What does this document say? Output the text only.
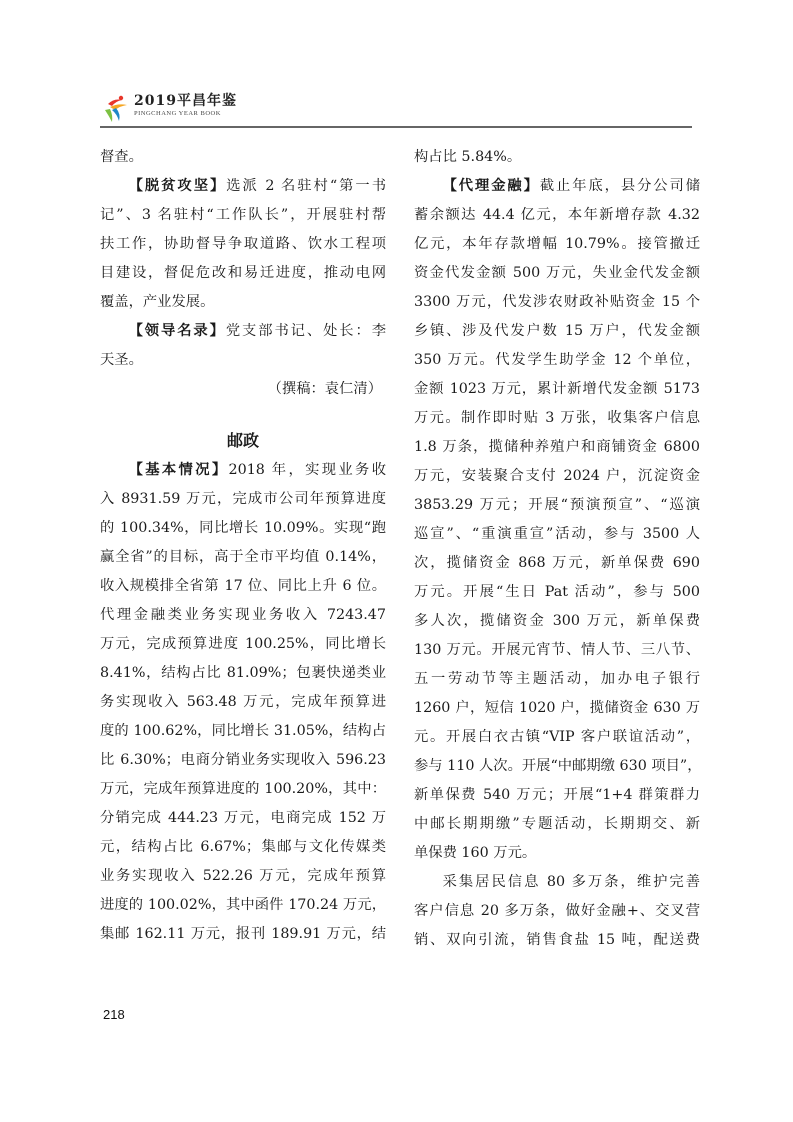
2019平昌年鉴
PINGCHANG YEAR BOOK
督查。
【脱贫攻坚】选派 2 名驻村“第一书
记”、3 名驻村“工作队长”，开展驻村帮
扶工作，协助督导争取道路、饮水工程项
目建设，督促危改和易迁进度，推动电网
覆盖，产业发展。
【领导名录】党支部书记、处长：李
天圣。
（撰稿：袁仁清）
邮政
【基本情况】2018 年，实现业务收
入 8931.59 万元，完成市公司年预算进度
的 100.34%，同比增长 10.09%。实现“跑
赢全省”的目标，高于全市平均值 0.14%，
收入规模排全省第 17 位、同比上升 6 位。
代理金融类业务实现业务收入 7243.47
万元，完成预算进度 100.25%，同比增长
8.41%，结构占比 81.09%；包裹快递类业
务实现收入 563.48 万元，完成年预算进
度的 100.62%，同比增长 31.05%，结构占
比 6.30%；电商分销业务实现收入 596.23
万元，完成年预算进度的 100.20%，其中：
分销完成 444.23 万元，电商完成 152 万
元，结构占比 6.67%；集邮与文化传媒类
业务实现收入 522.26 万元，完成年预算
进度的 100.02%，其中函件 170.24 万元，
集邮 162.11 万元，报刊 189.91 万元，结
构占比 5.84%。
【代理金融】截止年底，县分公司储
蓄余额达 44.4 亿元，本年新增存款 4.32
亿元，本年存款增幅 10.79%。接管撤迁
资金代发金额 500 万元，失业金代发金额
3300 万元，代发涉农财政补贴资金 15 个
乡镇、涉及代发户数 15 万户，代发金额
350 万元。代发学生助学金 12 个单位，
金额 1023 万元，累计新增代发金额 5173
万元。制作即时贴 3 万张，收集客户信息
1.8 万条，揽储种养殖户和商铺资金 6800
万元，安装聚合支付 2024 户，沉淀资金
3853.29 万元；开展“预演预宣”、“巡演
巡宣”、“重演重宣”活动，参与 3500 人
次，揽储资金 868 万元，新单保费 690
万元。开展“生日 Pat 活动”，参与 500
多人次，揽储资金 300 万元，新单保费
130 万元。开展元宵节、情人节、三八节、
五一劳动节等主题活动，加办电子银行
1260 户，短信 1020 户，揽储资金 630 万
元。开展白衣古镇“VIP 客户联谊活动”，
参与 110 人次。开展“中邮期缴 630 项目”，
新单保费 540 万元；开展“1+4 群策群力
中邮长期期缴”专题活动，长期期交、新
单保费 160 万元。
采集居民信息 80 多万条，维护完善
客户信息 20 多万条，做好金融+、交叉营
销、双向引流，销售食盐 15 吨，配送费
218
